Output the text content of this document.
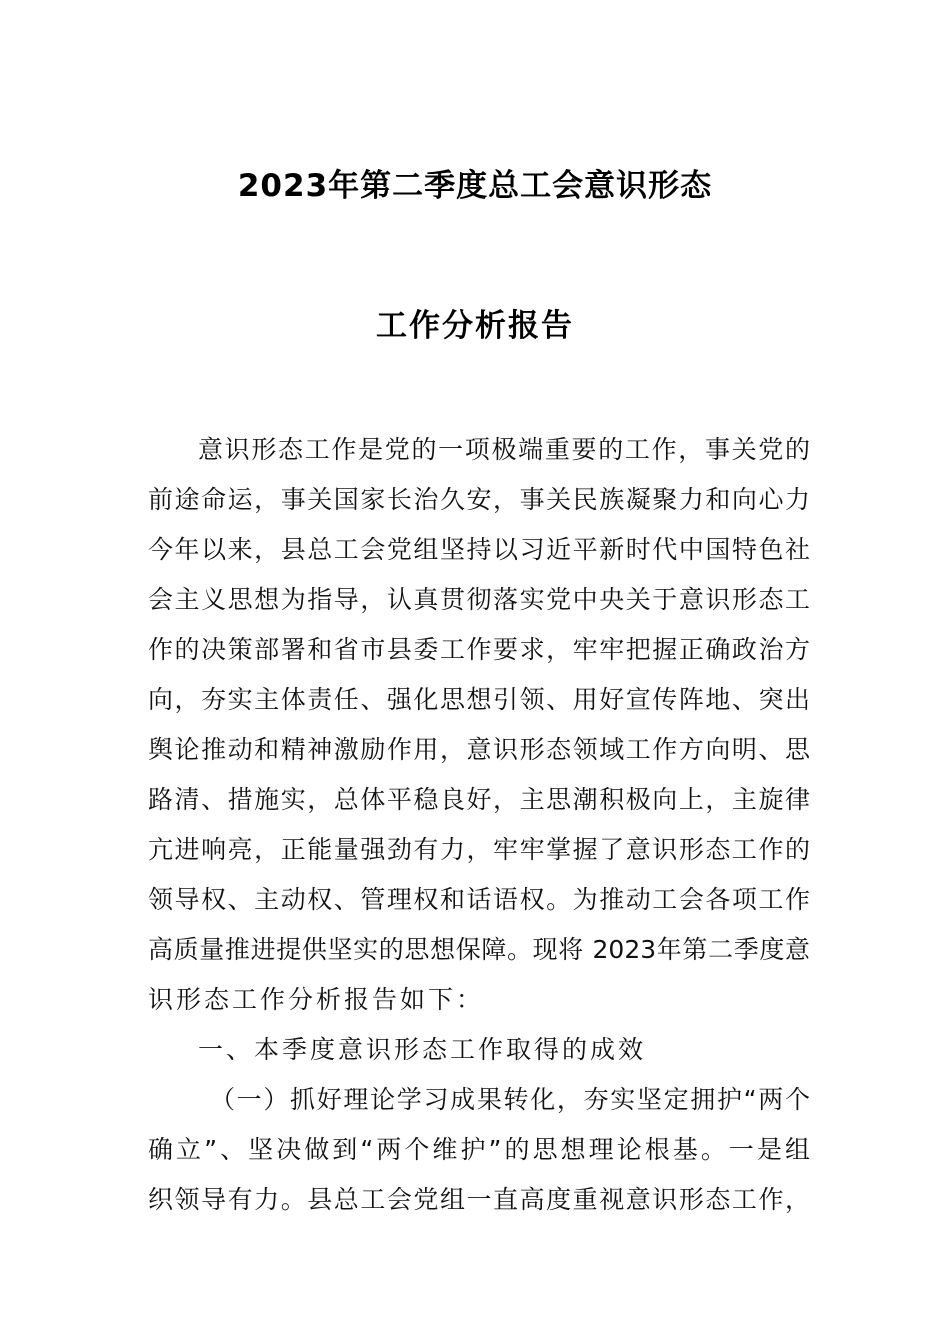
2023年第二季度总工会意识形态
工作分析报告
意识形态工作是党的一项极端重要的工作，事关党的
前途命运，事关国家长治久安，事关民族凝聚力和向心力
今年以来，县总工会党组坚持以习近平新时代中国特色社
会主义思想为指导，认真贯彻落实党中央关于意识形态工
作的决策部署和省市县委工作要求，牢牢把握正确政治方
向，夯实主体责任、强化思想引领、用好宣传阵地、突出
舆论推动和精神激励作用，意识形态领域工作方向明、思
路清、措施实，总体平稳良好，主思潮积极向上，主旋律
亢进响亮，正能量强劲有力，牢牢掌握了意识形态工作的
领导权、主动权、管理权和话语权。为推动工会各项工作
高质量推进提供坚实的思想保障。现将 2023年第二季度意
识形态工作分析报告如下：
一、本季度意识形态工作取得的成效
（一）抓好理论学习成果转化，夯实坚定拥护“两个
确立”、坚决做到“两个维护”的思想理论根基。一是组
织领导有力。县总工会党组一直高度重视意识形态工作，
